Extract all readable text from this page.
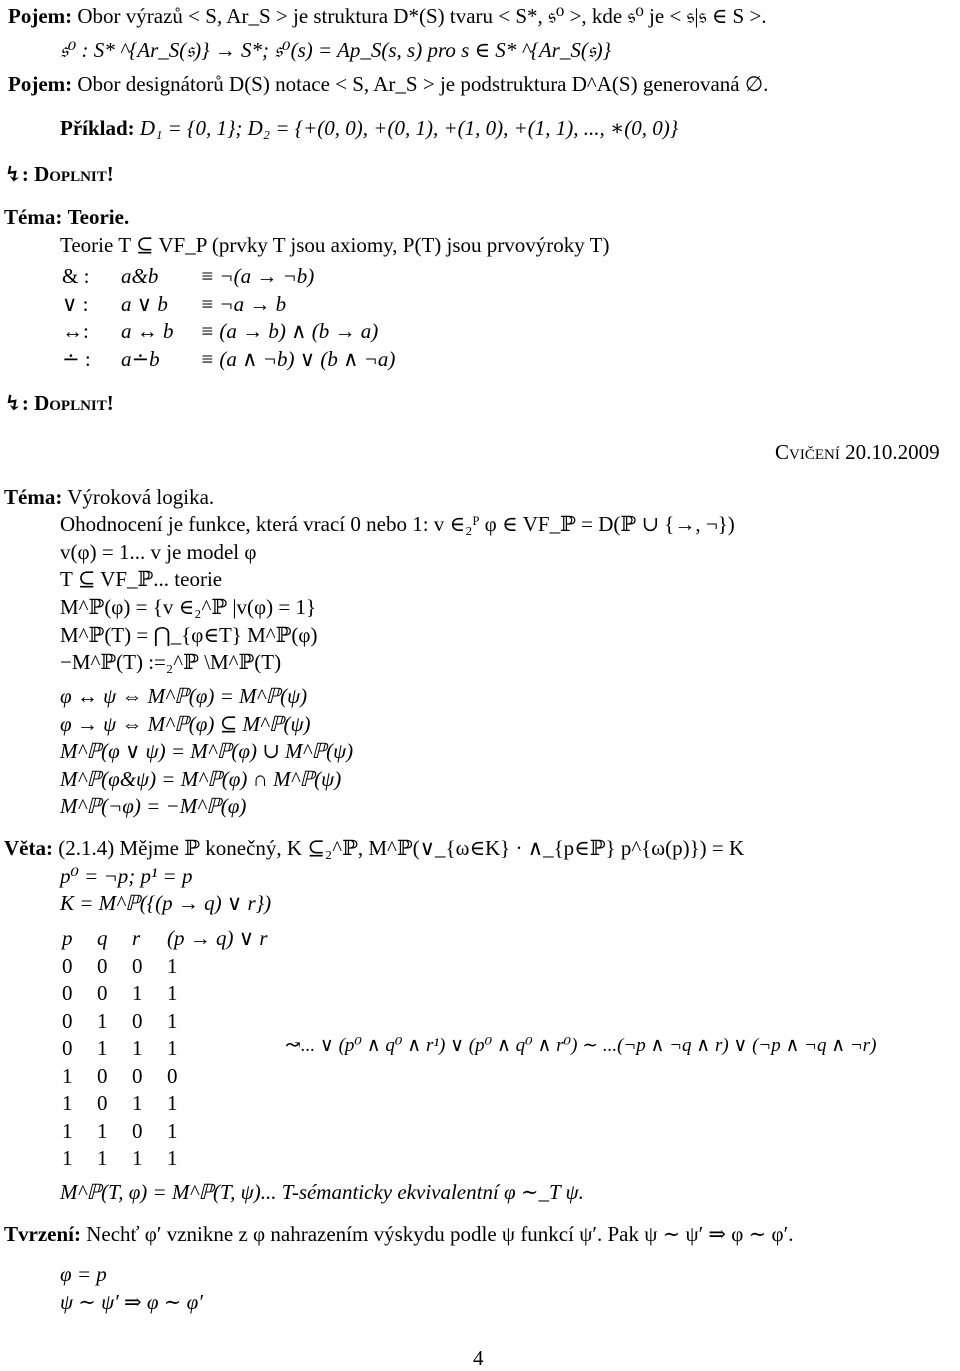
Pojem: Obor výrazů < S, Ar_S > je struktura D*(S) tvaru < S*, 𝔰⁰ >, kde 𝔰⁰ je < 𝔰|𝔰 ∈ S >.
𝔰⁰ : S* ^{Ar_S(𝔰)} → S*; 𝔰⁰(s) = Ap_S(s, s) pro s ∈ S* ^{Ar_S(𝔰)}
Pojem: Obor designátorů D(S) notace < S, Ar_S > je podstruktura D^A(S) generovaná ∅.
Příklad: D₁ = {0, 1}; D₂ = {+(0, 0), +(0, 1), +(1, 0), +(1, 1), ..., ∗(0, 0)}
↯: Doplnit!
Téma: Teorie.
Teorie T ⊆ VF_P (prvky T jsou axiomy, P(T) jsou prvovýroky T)
& :	a&b	≡ ¬(a → ¬b)
∨ :	a ∨ b	≡ ¬a → b
↔:	a ↔ b	≡ (a → b) ∧ (b → a)
∸ :	a∸b	≡ (a ∧ ¬b) ∨ (b ∧ ¬a)
↯: Doplnit!
Cvičení 20.10.2009
Téma: Výroková logika.
Ohodnocení je funkce, která vrací 0 nebo 1: v ∈₂ᴾ φ ∈ VF_ℙ = D(ℙ ∪ {→, ¬})
v(φ) = 1... v je model φ
T ⊆ VF_ℙ... teorie
M^ℙ(φ) = {v ∈₂^ℙ |v(φ) = 1}
M^ℙ(T) = ⋂_{φ∈T} M^ℙ(φ)
−M^ℙ(T) :=₂^ℙ \M^ℙ(T)
φ ↔ ψ ⇔ M^ℙ(φ) = M^ℙ(ψ)
φ → ψ ⇔ M^ℙ(φ) ⊆ M^ℙ(ψ)
M^ℙ(φ ∨ ψ) = M^ℙ(φ) ∪ M^ℙ(ψ)
M^ℙ(φ&ψ) = M^ℙ(φ) ∩ M^ℙ(ψ)
M^ℙ(¬φ) = −M^ℙ(φ)
Věta: (2.1.4) Mějme ℙ konečný, K ⊆₂^ℙ, M^ℙ(∨_{ω∈K} · ∧_{p∈ℙ} p^{ω(p)}) = K
p⁰ = ¬p; p¹ = p
K = M^ℙ({(p → q) ∨ r})
p	q	r	(p → q) ∨ r
0	0	0	1
0	0	1	1
0	1	0	1
0	1	1	1
1	0	0	0
1	0	1	1
1	1	0	1
1	1	1	1
↝... ∨ (p⁰ ∧ q⁰ ∧ r¹) ∨ (p⁰ ∧ q⁰ ∧ r⁰) ∼ ...(¬p ∧ ¬q ∧ r) ∨ (¬p ∧ ¬q ∧ ¬r)
M^ℙ(T, φ) = M^ℙ(T, ψ)... T-sémanticky ekvivalentní φ ∼_T ψ.
Tvrzení: Nechť φ′ vznikne z φ nahrazením výskydu podle ψ funkcí ψ′. Pak ψ ∼ ψ′ ⇒ φ ∼ φ′.
φ = p
ψ ∼ ψ′ ⇒ φ ∼ φ′
4
